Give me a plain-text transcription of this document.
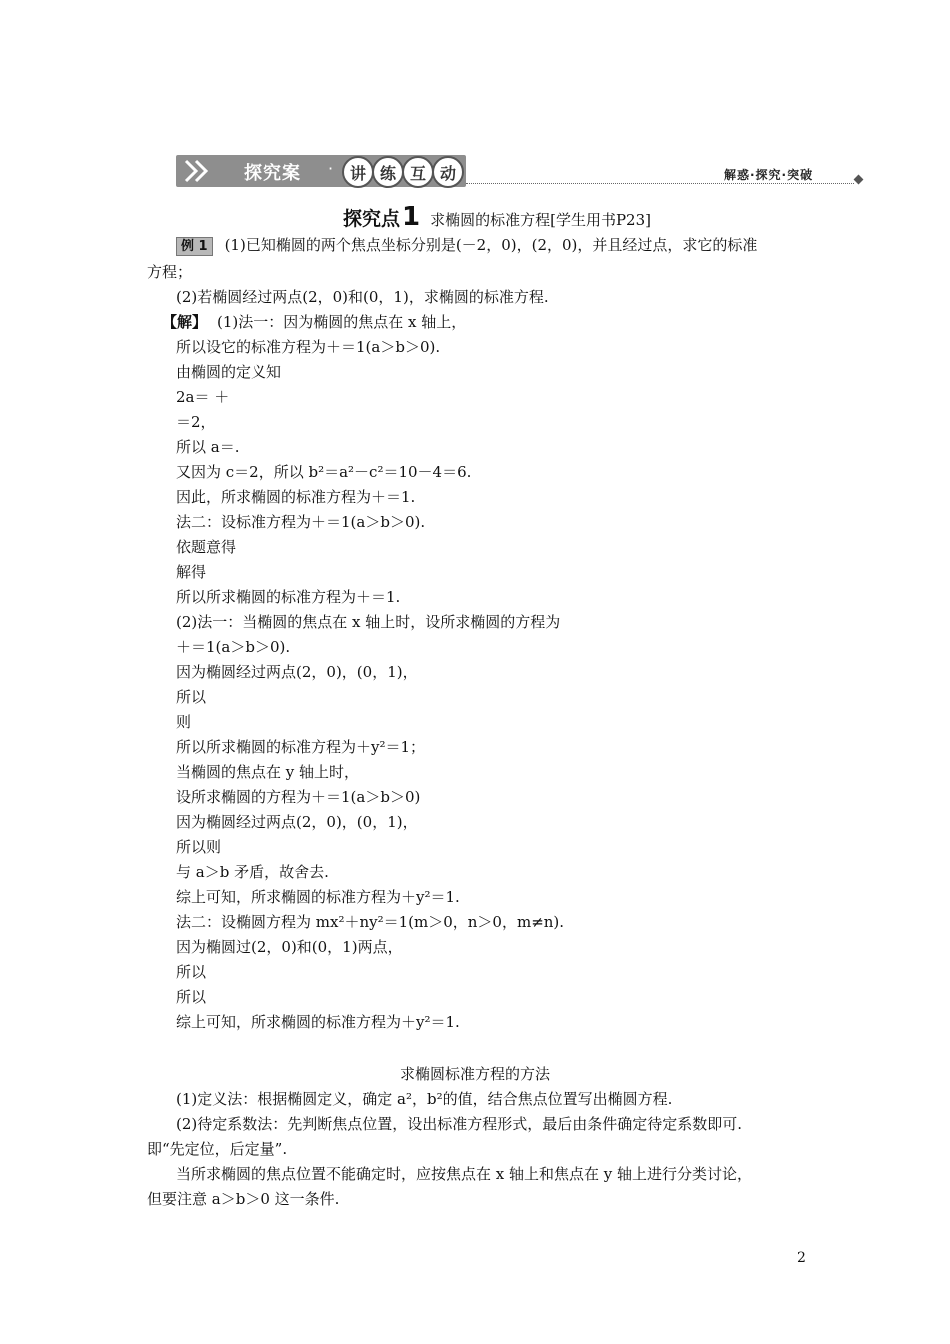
探究案 ·	讲 练 互 动	解惑·探究·突破
探究点1 求椭圆的标准方程[学生用书P23]
例 1 (1)已知椭圆的两个焦点坐标分别是(－2，0)，(2，0)，并且经过点，求它的标准
方程；
(2)若椭圆经过两点(2，0)和(0，1)，求椭圆的标准方程.
【解】 (1)法一：因为椭圆的焦点在 x 轴上，
所以设它的标准方程为＋＝1(a＞b＞0).
由椭圆的定义知
2a＝ ＋
＝2，
所以 a＝.
又因为 c＝2，所以 b²＝a²－c²＝10－4＝6.
因此，所求椭圆的标准方程为＋＝1.
法二：设标准方程为＋＝1(a＞b＞0).
依题意得
解得
所以所求椭圆的标准方程为＋＝1.
(2)法一：当椭圆的焦点在 x 轴上时，设所求椭圆的方程为
＋＝1(a＞b＞0).
因为椭圆经过两点(2，0)，(0，1)，
所以
则
所以所求椭圆的标准方程为＋y²＝1；
当椭圆的焦点在 y 轴上时，
设所求椭圆的方程为＋＝1(a＞b＞0)
因为椭圆经过两点(2，0)，(0，1)，
所以则
与 a＞b 矛盾，故舍去.
综上可知，所求椭圆的标准方程为＋y²＝1.
法二：设椭圆方程为 mx²＋ny²＝1(m＞0，n＞0，m≠n).
因为椭圆过(2，0)和(0，1)两点，
所以
所以
综上可知，所求椭圆的标准方程为＋y²＝1.
求椭圆标准方程的方法
(1)定义法：根据椭圆定义，确定 a²，b²的值，结合焦点位置写出椭圆方程.
(2)待定系数法：先判断焦点位置，设出标准方程形式，最后由条件确定待定系数即可.
即“先定位，后定量”.
当所求椭圆的焦点位置不能确定时，应按焦点在 x 轴上和焦点在 y 轴上进行分类讨论，
但要注意 a＞b＞0 这一条件.
2
